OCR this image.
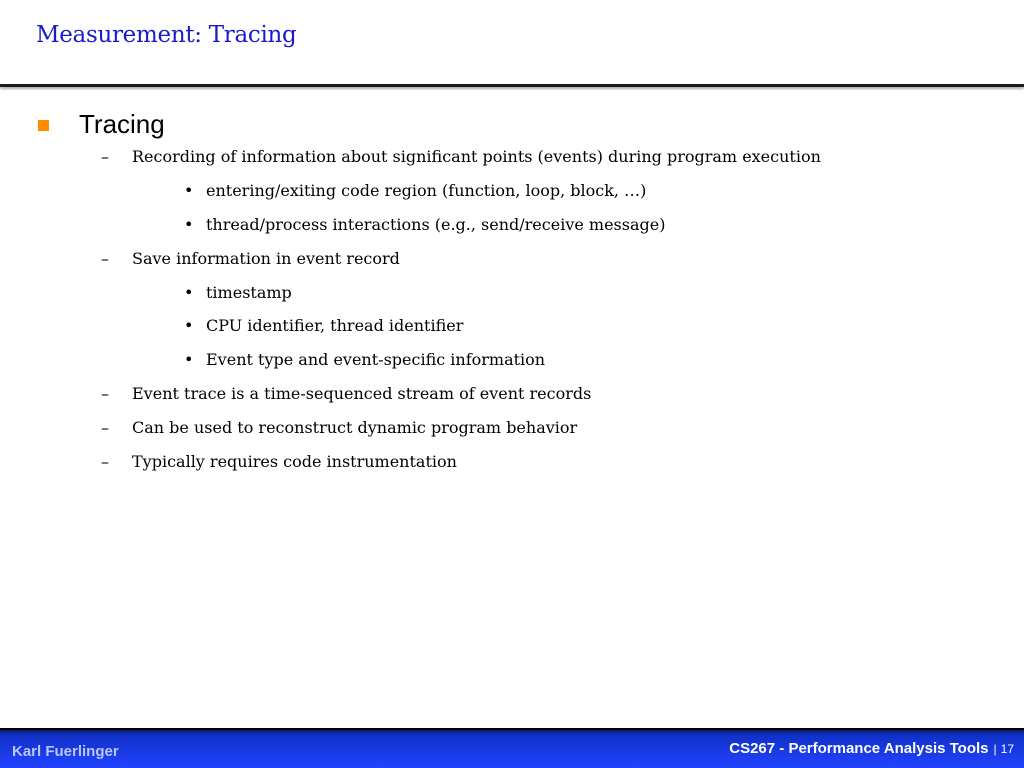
Measurement: Tracing
Tracing
–	Recording of information about significant points (events) during program execution
• entering/exiting code region (function, loop, block, …)
• thread/process interactions (e.g., send/receive message)
–	Save information in event record
• timestamp
• CPU identifier, thread identifier
• Event type and event-specific information
–	Event trace is a time-sequenced stream of event records
–	Can be used to reconstruct dynamic program behavior
–	Typically requires code instrumentation
Karl Fuerlinger	CS267 - Performance Analysis Tools | 17
